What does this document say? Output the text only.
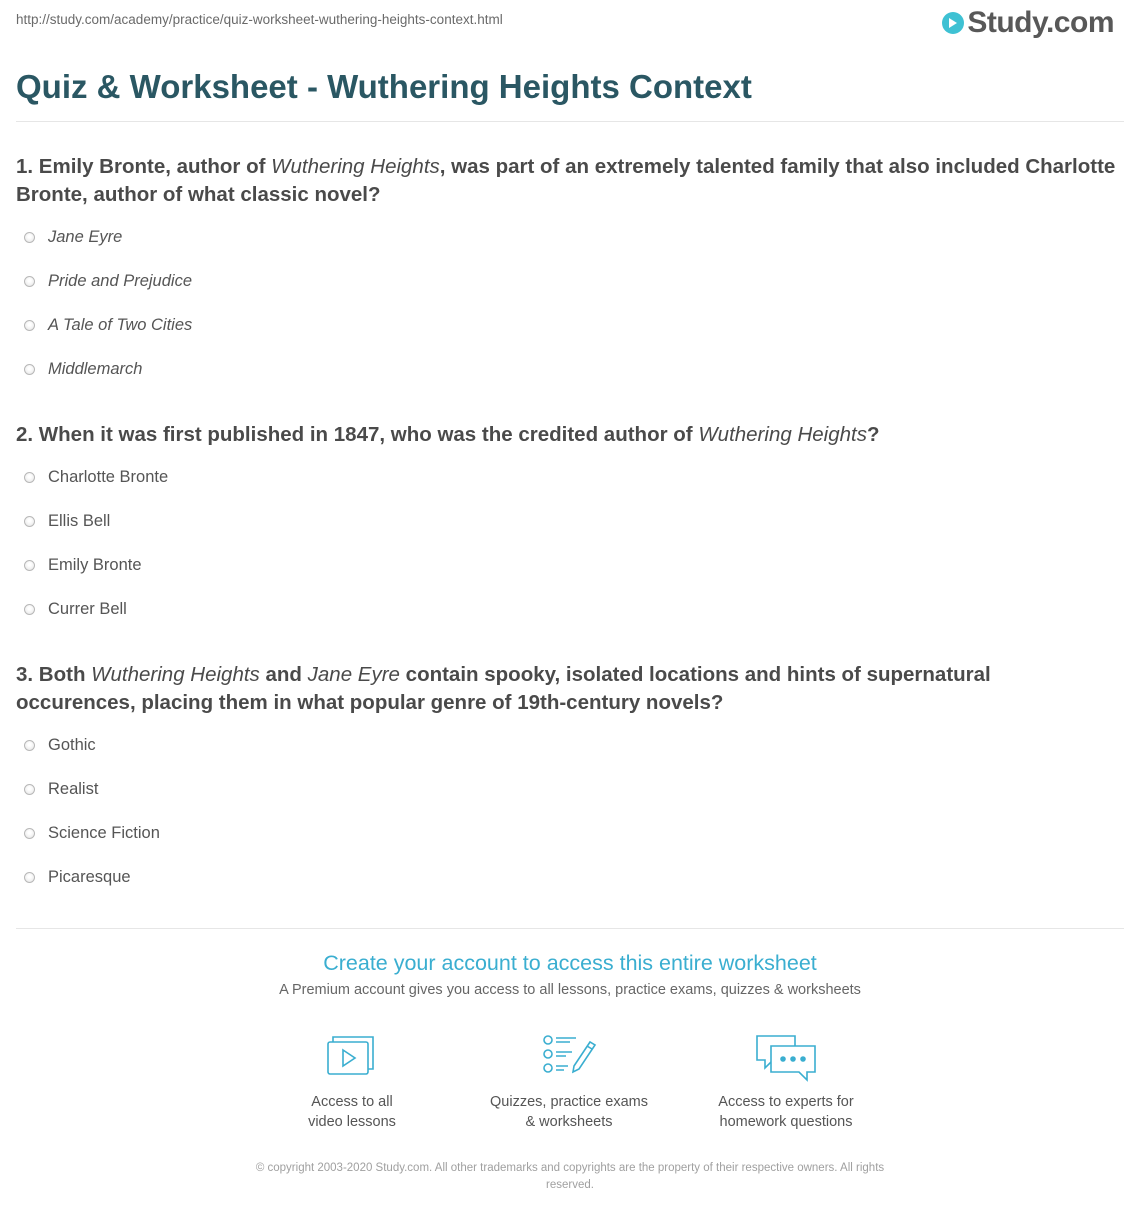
http://study.com/academy/practice/quiz-worksheet-wuthering-heights-context.html	Study.com
Quiz & Worksheet - Wuthering Heights Context
1. Emily Bronte, author of Wuthering Heights, was part of an extremely talented family that also included Charlotte Bronte, author of what classic novel?
Jane Eyre
Pride and Prejudice
A Tale of Two Cities
Middlemarch
2. When it was first published in 1847, who was the credited author of Wuthering Heights?
Charlotte Bronte
Ellis Bell
Emily Bronte
Currer Bell
3. Both Wuthering Heights and Jane Eyre contain spooky, isolated locations and hints of supernatural occurences, placing them in what popular genre of 19th-century novels?
Gothic
Realist
Science Fiction
Picaresque
Create your account to access this entire worksheet
A Premium account gives you access to all lessons, practice exams, quizzes & worksheets
Access to all
video lessons
Quizzes, practice exams
& worksheets
Access to experts for
homework questions
© copyright 2003-2020 Study.com. All other trademarks and copyrights are the property of their respective owners. All rights
reserved.
